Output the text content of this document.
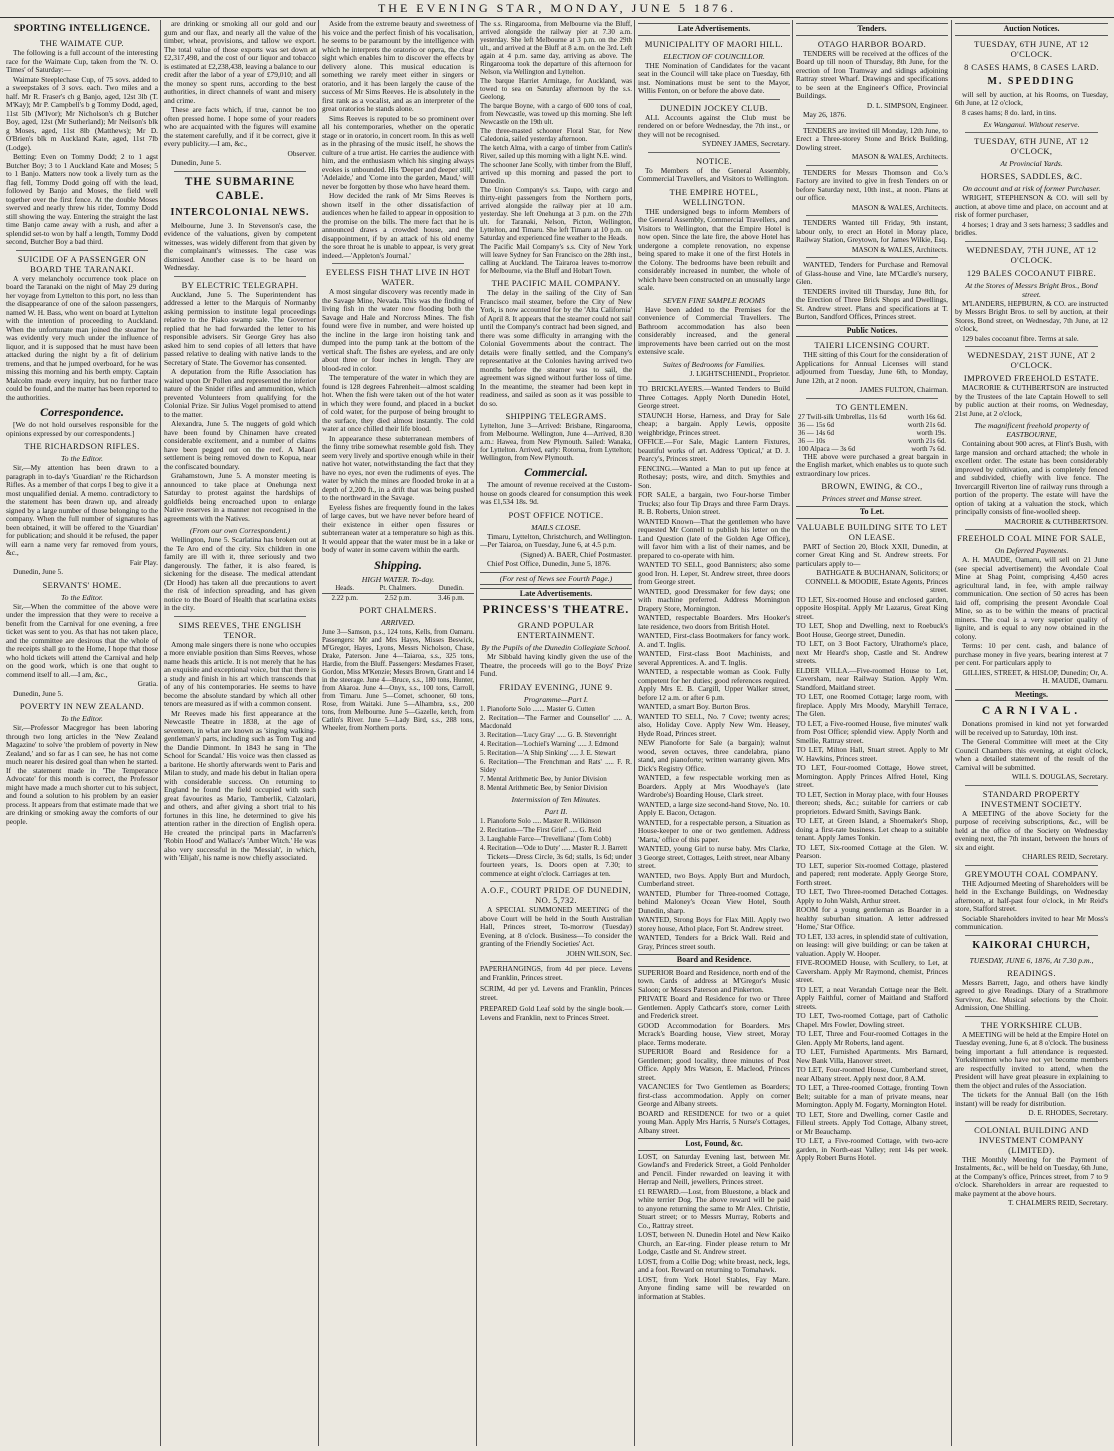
THE EVENING STAR, MONDAY, JUNE 5 1876.
SPORTING INTELLIGENCE.
THE WAIMATE CUP.

The following is a full account of the interesting race for the Waimate Cup, taken from the 'N. O. Times' of Saturday:—

Waimate Steeplechase Cup, of 75 sovs. added to a sweepstakes of 3 sovs. each. Two miles and a half. Mr R. Fraser's ch g Banjo, aged, 12st 3lb (T. M'Kay); Mr P. Campbell's b g Tommy Dodd, aged, 11st 5lb (M'Ivor); Mr Nicholson's ch g Butcher Boy, aged, 12st (Mr Sutherland); Mr Neilson's blk g Moses, aged, 11st 8lb (Matthews); Mr D. O'Brien's blk m Auckland Kate, aged, 11st 7lb (Lodge).

Betting: Even on Tommy Dodd; 2 to 1 agst Butcher Boy; 3 to 1 Auckland Kate and Moses; 5 to 1 Banjo. Matters now took a lively turn as the flag fell, Tommy Dodd going off with the lead, followed by Banjo and Moses, the field well together over the first fence. At the double Moses swerved and nearly threw his rider, Tommy Dodd still showing the way. Entering the straight the last time Banjo came away with a rush, and after a splendid set-to won by half a length, Tommy Dodd second, Butcher Boy a bad third.

SUICIDE OF A PASSENGER ON BOARD THE TARANAKI.

A very melancholy occurrence took place on board the Taranaki on the night of May 29 during her voyage from Lyttelton to this port, no less than the disappearance of one of the saloon passengers, named W. H. Bass, who went on board at Lyttelton with the intention of proceeding to Auckland. When the unfortunate man joined the steamer he was evidently very much under the influence of liquor, and it is supposed that he must have been attacked during the night by a fit of delirium tremens, and that he jumped overboard, for he was missing this morning and his berth empty. Captain Malcolm made every inquiry, but no further trace could be found, and the matter has been reported to the authorities.

Correspondence.

[We do not hold ourselves responsible for the opinions expressed by our correspondents.]

THE RICHARDSON RIFLES.
To the Editor.

Sir,—My attention has been drawn to a paragraph in to-day's 'Guardian' re the Richardson Rifles. As a member of that corps I beg to give it a most unqualified denial. A memo. contradictory to the statement has been drawn up, and already signed by a large number of those belonging to the company. When the full number of signatures has been obtained, it will be offered to the 'Guardian' for publication; and should it be refused, the paper will earn a name very far removed from yours, &c.,

Fair Play.

Dunedin, June 5.

SERVANTS' HOME.
To the Editor.

Sir,—When the committee of the above were under the impression that they were to receive a benefit from the Carnival for one evening, a free ticket was sent to you. As that has not taken place, and the committee are desirous that the whole of the receipts shall go to the Home, I hope that those who hold tickets will attend the Carnival and help on the good work, which is one that ought to commend itself to all.—I am, &c.,

Gratia.

Dunedin, June 5.

POVERTY IN NEW ZEALAND.
To the Editor.

Sir,—Professor Macgregor has been laboring through two long articles in the 'New Zealand Magazine' to solve 'the problem of poverty in New Zealand,' and so far as I can see, he has not come much nearer his desired goal than when he started. If the statement made in 'The Temperance Advocate' for this month is correct, the Professor might have made a much shorter cut to his subject, and found a solution to his problem by an easier process. It appears from that estimate made that we are drinking or smoking away the comforts of our people.

are drinking or smoking all our gold and our gum and our flax, and nearly all the value of the timber, wheat, provisions, and tallow we export. The total value of those exports was set down at £2,317,498, and the cost of our liquor and tobacco is estimated at £2,238,438, leaving a balance to our credit after the labor of a year of £79,010; and all the money so spent runs, according to the best authorities, in direct channels of want and misery and crime.

These are facts which, if true, cannot be too often pressed home. I hope some of your readers who are acquainted with the figures will examine the statement carefully, and if it be correct, give it every publicity.—I am, &c.,

Observer.

Dunedin, June 5.

THE SUBMARINE CABLE.
INTERCOLONIAL NEWS.

Melbourne, June 3. In Stevenson's case, the evidence of the valuations, given by competent witnesses, was widely different from that given by the complainant's witnesses. The case was dismissed. Another case is to be heard on Wednesday.

BY ELECTRIC TELEGRAPH.

Auckland, June 5. The Superintendent has addressed a letter to the Marquis of Normanby asking permission to institute legal proceedings relative to the Piako swamp sale. The Governor replied that he had forwarded the letter to his responsible advisers. Sir George Grey has also asked him to send copies of all letters that have passed relative to dealing with native lands to the Secretary of State. The Governor has consented.

A deputation from the Rifle Association has waited upon Dr Pollen and represented the inferior nature of the Snider rifles and ammunition, which prevented Volunteers from qualifying for the Colonial Prize. Sir Julius Vogel promised to attend to the matter.

Alexandra, June 5. The nuggets of gold which have been found by Chinamen have created considerable excitement, and a number of claims have been pegged out on the reef. A Maori settlement is being removed down to Kopua, near the confiscated boundary.

Grahamstown, June 5. A monster meeting is announced to take place at Onehunga next Saturday to protest against the hardships of goldfields being encroached upon to enlarge Native reserves in a manner not recognised in the agreements with the Natives.

(From our own Correspondent.)

Wellington, June 5. Scarlatina has broken out at the Te Aro end of the city. Six children in one family are ill with it, three seriously and two dangerously. The father, it is also feared, is sickening for the disease. The medical attendant (Dr Hood) has taken all due precautions to avert the risk of infection spreading, and has given notice to the Board of Health that scarlatina exists in the city.

SIMS REEVES, THE ENGLISH TENOR.

Among male singers there is none who occupies a more enviable position than Sims Reeves, whose name heads this article. It is not merely that he has an exquisite and exceptional voice, but that there is a study and finish in his art which transcends that of any of his contemporaries. He seems to have become the absolute standard by which all other tenors are measured as if with a common consent.

Mr Reeves made his first appearance at the Newcastle Theatre in 1838, at the age of seventeen, in what are known as 'singing walking-gentleman's' parts, including such as Tom Tug and the Dandie Dinmont. In 1843 he sang in 'The School for Scandal.' His voice was then classed as a baritone. He shortly afterwards went to Paris and Milan to study, and made his debut in Italian opera with considerable success. On returning to England he found the field occupied with such great favourites as Mario, Tamberlik, Calzolari, and others, and after giving a short trial to his fortunes in this line, he determined to give his attention rather in the direction of English opera. He created the principal parts in Macfarren's 'Robin Hood' and Wallace's 'Amber Witch.' He was also very successful in the 'Messiah', in which, with 'Elijah', his name is now chiefly associated.

Aside from the extreme beauty and sweetness of his voice and the perfect finish of his vocalisation, he seems to be paramount by the intelligence with which he interprets the oratorio or opera, the clear sight which enables him to discover the effects by delivery alone. This musical education is something we rarely meet either in singers or oratorio, and it has been largely the cause of the success of Mr Sims Reeves. He is absolutely in the first rank as a vocalist, and as an interpreter of the great oratorios he stands alone.

Sims Reeves is reputed to be so prominent over all his contemporaries, whether on the operatic stage or in oratorio, in concert room. In this as well as in the phrasing of the music itself, he shows the culture of a true artist. He carries the audience with him, and the enthusiasm which his singing always evokes is unbounded. His 'Deeper and deeper still,' 'Adelaide,' and 'Come into the garden, Maud,' will never be forgotten by those who have heard them.

How decided the rank of Mr Sims Reeves is shown itself in the other dissatisfaction of audiences when he failed to appear in opposition to the promise on the bills. The mere fact that he is announced draws a crowded house, and the disappointment, if by an attack of his old enemy the sore throat he is unable to appear, is very great indeed.—'Appleton's Journal.'

EYELESS FISH THAT LIVE IN HOT WATER.

A most singular discovery was recently made in the Savage Mine, Nevada. This was the finding of living fish in the water now flooding both the Savage and Hale and Norcross Mines. The fish found were five in number, and were hoisted up the incline in the large iron hoisting tank and dumped into the pump tank at the bottom of the vertical shaft. The fishes are eyeless, and are only about three or four inches in length. They are blood-red in color.

The temperature of the water in which they are found is 128 degrees Fahrenheit—almost scalding hot. When the fish were taken out of the hot water in which they were found, and placed in a bucket of cold water, for the purpose of being brought to the surface, they died almost instantly. The cold water at once chilled their life blood.

In appearance these subterranean members of the finny tribe somewhat resemble gold fish. They seem very lively and sportive enough while in their native hot water, notwithstanding the fact that they have no eyes, nor even the rudiments of eyes. The water by which the mines are flooded broke in at a depth of 2,200 ft., in a drift that was being pushed to the northward in the Savage.

Eyeless fishes are frequently found in the lakes of large caves, but we have never before heard of their existence in either open fissures or subterranean water at a temperature so high as this. It would appear that the water must be in a lake or body of water in some cavern within the earth.

Shipping.
HIGH WATER. To-day.
Heads.	Pt. Chalmers.	Dunedin.
2.22 p.m.	2.52 p.m.	3.46 p.m.
PORT CHALMERS.
ARRIVED.

June 3—Samson, p.s., 124 tons, Kells, from Oamaru. Passengers: Mr and Mrs Hayes, Misses Beswick, M'Gregor, Hayes, Lyons, Messrs Nicholson, Chase, Drake, Paterson. June 4—Taiaroa, s.s., 325 tons, Hardie, from the Bluff. Passengers: Mesdames Fraser, Gordon, Miss M'Kenzie; Messrs Brown, Grant and 14 in the steerage. June 4—Bruce, s.s., 180 tons, Hunter, from Akaroa. June 4—Onyx, s.s., 100 tons, Carroll, from Timaru. June 5—Comet, schooner, 60 tons, Rose, from Waitaki. June 5—Alhambra, s.s., 200 tons, from Melbourne. June 5—Gazelle, ketch, from Catlin's River. June 5—Lady Bird, s.s., 288 tons, Wheeler, from Northern ports.

The s.s. Ringarooma, from Melbourne via the Bluff, arrived alongside the railway pier at 7.30 a.m. yesterday. She left Melbourne at 3 p.m. on the 29th ult., and arrived at the Bluff at 8 a.m. on the 3rd. Left again at 4 p.m. same day, arriving as above. The Ringarooma took the departure of this afternoon for Nelson, via Wellington and Lyttelton.

The barque Harriet Armitage, for Auckland, was towed to sea on Saturday afternoon by the s.s. Geelong.

The barque Boyne, with a cargo of 600 tons of coal, from Newcastle, was towed up this morning. She left Newcastle on the 19th ult.

The three-masted schooner Floral Star, for New Caledonia, sailed yesterday afternoon.

The ketch Alma, with a cargo of timber from Catlin's River, sailed up this morning with a light N.E. wind.

The schooner Jane Scolly, with timber from the Bluff, arrived up this morning and passed the port to Dunedin.

The Union Company's s.s. Taupo, with cargo and thirty-eight passengers from the Northern ports, arrived alongside the railway pier at 10 a.m. yesterday. She left Onehunga at 3 p.m. on the 27th ult. for Taranaki, Nelson, Picton, Wellington, Lyttelton, and Timaru. She left Timaru at 10 p.m. on Saturday and experienced fine weather to the Heads.

The Pacific Mail Company's s.s. City of New York will leave Sydney for San Francisco on the 28th inst., calling at Auckland. The Tairaroa leaves to-morrow for Melbourne, via the Bluff and Hobart Town.

THE PACIFIC MAIL COMPANY.

The delay in the sailing of the City of San Francisco mail steamer, before the City of New York, is now accounted for by the 'Alta California' of April 8. It appears that the steamer could not sail until the Company's contract had been signed, and there was some difficulty in arranging with the Colonial Governments about the contract. The details were finally settled, and the Company's representative at the Colonies having arrived two months before the steamer was to sail, the agreement was signed without further loss of time. In the meantime, the steamer had been kept in readiness, and sailed as soon as it was possible to do so.

SHIPPING TELEGRAMS.

Lyttelton, June 3—Arrived: Brisbane, Ringarooma, from Melbourne. Wellington, June 4—Arrived, 8.30 a.m.: Hawea, from New Plymouth. Sailed: Wanaka, for Lyttelton. Arrived, early: Rotorua, from Lyttelton; Wellington, from New Plymouth.

Commercial.

The amount of revenue received at the Custom-house on goods cleared for consumption this week was £1,534 18s. 9d.

POST OFFICE NOTICE.
MAILS CLOSE.

Timaru, Lyttelton, Christchurch, and Wellington.—Per Taiaroa, on Tuesday, June 6, at 4.5 p.m.

(Signed) A. BAER, Chief Postmaster.

Chief Post Office, Dunedin, June 5, 1876.

(For rest of News see Fourth Page.)
Late Advertisements.
PRINCESS'S THEATRE.
GRAND POPULAR ENTERTAINMENT.
By the Pupils of the Dunedin Collegiate School.

Mr Sibbald having kindly given the use of the Theatre, the proceeds will go to the Boys' Prize Fund.

FRIDAY EVENING, JUNE 9.
Programme—Part I.

1. Pianoforte Solo ....... Master G. Cutten

2. Recitation—'The Farmer and Counsellor' ..... A. Macdonald

3. Recitation—'Lucy Gray' ..... G. B. Stevenright

4. Recitation—'Lochiel's Warning' ..... J. Edmond

5. Recitation—'A Ship Sinking' ..... J. E. Stewart

6. Recitation—'The Frenchman and Rats' ..... F. R. Sidey

7. Mental Arithmetic Bee, by Junior Division

8. Mental Arithmetic Bee, by Senior Division

Intermission of Ten Minutes.
Part II.

1. Pianoforte Solo ..... Master R. Wilkinson

2. Recitation—'The First Grief' ..... G. Reid

3. Laughable Farce—'Trevelliana' (Tom Cobb)

4. Recitation—'Ode to Duty' ..... Master R. J. Barrett

Tickets—Dress Circle, 3s 6d; stalls, 1s 6d; under fourteen years, 1s. Doors open at 7.30; to commence at eight o'clock. Carriages at ten.

A.O.F., COURT PRIDE OF DUNEDIN, NO. 5,732.

A SPECIAL SUMMONED MEETING of the above Court will be held in the South Australian Hall, Princes street, To-morrow (Tuesday) Evening, at 8 o'clock. Business—To consider the granting of the Friendly Societies' Act.

JOHN WILSON, Sec.

PAPERHANGINGS, from 4d per piece. Levens and Franklin, Princes street.

SCRIM, 4d per yd. Levens and Franklin, Princes street.

PREPARED Gold Leaf sold by the single book.—Levens and Franklin, next to Princes Street.

Late Advertisements.
MUNICIPALITY OF MAORI HILL.
ELECTION OF COUNCILLOR.

THE Nomination of Candidates for the vacant seat in the Council will take place on Tuesday, 6th inst. Nominations must be sent to the Mayor, Willis Fenton, on or before the above date.

DUNEDIN JOCKEY CLUB.

ALL Accounts against the Club must be rendered on or before Wednesday, the 7th inst., or they will not be recognised.

SYDNEY JAMES, Secretary.

NOTICE.

To Members of the General Assembly, Commercial Travellers, and Visitors to Wellington.

THE EMPIRE HOTEL, WELLINGTON.

THE undersigned begs to inform Members of the General Assembly, Commercial Travellers, and Visitors to Wellington, that the Empire Hotel is now open. Since the late fire, the above Hotel has undergone a complete renovation, no expense being spared to make it one of the first Hotels in the Colony. The bedrooms have been rebuilt and considerably increased in number, the whole of which have been constructed on an unusually large scale.

SEVEN FINE SAMPLE ROOMS

Have been added to the Premises for the convenience of Commercial Travellers. The Bathroom accommodation has also been considerably increased, and the general improvements have been carried out on the most extensive scale.

Suites of Bedrooms for Families.

J. LIGHTSCHIENDL, Proprietor.

TO BRICKLAYERS.—Wanted Tenders to Build Three Cottages. Apply North Dunedin Hotel, George street.

STAUNCH Horse, Harness, and Dray for Sale cheap; a bargain. Apply Lewis, opposite weighbridge, Princes street.

OFFICE.—For Sale, Magic Lantern Fixtures, beautiful works of art. Address 'Optical,' at D. J. Pearcy's, Princes street.

FENCING.—Wanted a Man to put up fence at Rothesay; posts, wire, and ditch. Smythies and Son.

FOR SALE, a bargain, two Four-horse Timber Trucks; also four Tip Drays and three Farm Drays. R. B. Roberts, Union street.

WANTED Known—That the gentlemen who have requested Mr Connell to publish his letter on the Land Question (late of the Golden Age Office), will favor him with a list of their names, and be prepared to co-operate with him.

WANTED TO SELL, good Bannisters; also some good Iron. H. Leper, St. Andrew street, three doors from George street.

WANTED, good Dressmaker for few days; one with machine preferred. Address Mornington Drapery Store, Mornington.

WANTED, respectable Boarders. Mrs Hooker's late residence, two doors from British Hotel.

WANTED, First-class Bootmakers for fancy work. A. and T. Inglis.

WANTED, First-class Boot Machinists, and several Apprentices. A. and T. Inglis.

WANTED, a respectable woman as Cook. Fully competent for her duties; good references required. Apply Mrs E. B. Cargill, Upper Walker street, before 12 a.m. or after 6 p.m.

WANTED, a smart Boy. Burton Bros.

WANTED TO SELL, No. 7 Cove; twenty acres; also, Holiday Cove. Apply New Wm. Heasey, Hyde Road, Princes street.

NEW Pianoforte for Sale (a bargain); walnut wood, seven octaves, three candelabra, piano stand, and pianoforte; written warranty given. Mrs Dick's Registry Office.

WANTED, a few respectable working men as Boarders. Apply at Mrs Woodhaye's (late Wardrobe's) Boarding House, Clark street.

WANTED, a large size second-hand Stove, No. 10. Apply E. Bacon, Octagon.

WANTED, for a respectable person, a Situation as House-keeper to one or two gentlemen. Address 'Marta,' office of this paper.

WANTED, young Girl to nurse baby. Mrs Clarke, 3 George street, Cottages, Leith street, near Albany street.

WANTED, two Boys. Apply Burt and Murdoch, Cumberland street.

WANTED, Plumber for Three-roomed Cottage, behind Maloney's Ocean View Hotel, South Dunedin, sharp.

WANTED, Strong Boys for Flax Mill. Apply two storey house, Athol place, Fort St. Andrew street.

WANTED, Tenders for a Brick Wall. Reid and Gray, Princes street south.

Board and Residence.

SUPERIOR Board and Residence, north end of the town. Cards of address at M'Gregor's Music Saloon; or Messrs Paterson and Pinkerton.

PRIVATE Board and Residence for two or Three Gentlemen. Apply Cathcart's store, corner Leith and Frederick street.

GOOD Accommodation for Boarders. Mrs Mcrack's Boarding house, View street, Moray place. Terms moderate.

SUPERIOR Board and Residence for a Gentlemen; good locality, three minutes of Post Office. Apply Mrs Watson, E. Macleod, Princes street.

VACANCIES for Two Gentlemen as Boarders; first-class accommodation. Apply on corner George and Albany streets.

BOARD and RESIDENCE for two or a quiet young Man. Apply Mrs Harris, 5 Nurse's Cottages, Albany street.

Lost, Found, &c.

LOST, on Saturday Evening last, between Mr. Gowland's and Frederick Street, a Gold Penholder and Pencil. Finder rewarded on leaving it with Herrap and Neill, jewellers, Princes street.

£1 REWARD.—Lost, from Bluestone, a black and white terrier Dog. The above reward will be paid to anyone returning the same to Mr Alex. Christie, Stuart street; or to Messrs Murray, Roberts and Co., Rattray street.

LOST, between N. Dunedin Hotel and New Kaiko Church, an Ear-ring. Finder please return to Mr Lodge, Castle and St. Andrew street.

LOST, from a Collie Dog; white breast, neck, legs, and a foot. Reward on returning to Tomahawk.

LOST, from York Hotel Stables, Fay Mare. Anyone finding same will be rewarded on information at Stables.

Tenders.
OTAGO HARBOR BOARD.

TENDERS will be received at the offices of the Board up till noon of Thursday, 8th June, for the erection of Iron Tramway and sidings adjoining Rattray street Wharf. Drawings and specifications to be seen at the Engineer's Office, Provincial Buildings.

D. L. SIMPSON, Engineer.

May 26, 1876.

TENDERS are invited till Monday, 12th June, to Erect a Three-storey Stone and Brick Building, Dowling street.

MASON & WALES, Architects.

TENDERS for Messrs Thomson and Co.'s Factory are invited to give in fresh Tenders on or before Saturday next, 10th inst., at noon. Plans at our office.

MASON & WALES, Architects.

TENDERS Wanted till Friday, 9th instant, labour only, to erect an Hotel in Moray place, Railway Station, Greytown, for James Wilkie, Esq.

MASON & WALES, Architects.

WANTED, Tenders for Purchase and Removal of Glass-house and Vine, late M'Cardle's nursery, Glen.

TENDERS invited till Thursday, June 8th, for the Erection of Three Brick Shops and Dwellings, St. Andrew street. Plans and specifications at T. Burton, Sandford Offices, Princes street.

Public Notices.
TAIERI LICENSING COURT.

THE sitting of this Court for the consideration of Applications for Annual Licenses will stand adjourned from Tuesday, June 6th, to Monday, June 12th, at 2 noon.

JAMES FULTON, Chairman.

TO GENTLEMEN.
27 Twill-silk Umbrellas, 11s 6d	worth 16s 6d.
36 — 15s 6d	worth 21s 6d.
36 — 14s 6d	worth 19s.
36 — 10s	worth 21s 6d.
100 Alpaca — 3s 6d	worth 7s 6d.

THE above were purchased a great bargain in the English market, which enables us to quote such extraordinary low prices.

BROWN, EWING, & CO.,
Princes street and Manse street.
To Let.
VALUABLE BUILDING SITE TO LET ON LEASE.

PART of Section 20, Block XXII, Dunedin, at corner Great King and St. Andrew streets. For particulars apply to—

BATHGATE & BUCHANAN, Solicitors; or CONNELL & MOODIE, Estate Agents, Princes street.

TO LET, Six-roomed House and enclosed garden, opposite Hospital. Apply Mr Lazarus, Great King street.

TO LET, Shop and Dwelling, next to Roebuck's Boot House, George street, Dunedin.

TO LET, on 3 Boot Factory, Ulrathorne's place, next Mr Heard's shop, Castle and St. Andrew streets.

ELDER VILLA.—Five-roomed House to Let, Caversham, near Railway Station. Apply Wm. Standford, Maitland street.

TO LET, one Roomed Cottage; large room, with fireplace. Apply Mrs Moody, Maryhill Terrace, The Glen.

TO LET, a Five-roomed House, five minutes' walk from Post Office; splendid view. Apply North and Smellie, Rattray street.

TO LET, Milton Hall, Stuart street. Apply to Mr W. Hawkins, Princes street.

TO LET, Four-roomed Cottage, Howe street, Mornington. Apply Princes Alfred Hotel, King street.

TO LET, Section in Moray place, with four Houses thereon; sheds, &c.; suitable for carriers or cab proprietors. Edward Smith, Savings Bank.

TO LET, at Green Island, a Shoemaker's Shop, doing a first-rate business. Let cheap to a suitable tenant. Apply James Tonkin.

TO LET, Six-roomed Cottage at the Glen. W. Pearson.

TO LET, superior Six-roomed Cottage, plastered and papered; rent moderate. Apply George Store, Forth street.

TO LET, Two Three-roomed Detached Cottages. Apply to John Walsh, Arthur street.

ROOM for a young gentleman as Boarder in a healthy suburban situation. A letter addressed 'Home,' Star Office.

TO LET, 133 acres, in splendid state of cultivation, on leasing: will give building; or can be taken at valuation. Apply W. Hooper.

FIVE-ROOMED House, with Scullery, to Let, at Caversham. Apply Mr Raymond, chemist, Princes street.

TO LET, a neat Verandah Cottage near the Belt. Apply Faithful, corner of Maitland and Stafford streets.

TO LET, Two-roomed Cottage, part of Catholic Chapel. Mrs Fowler, Dowling street.

TO LET, Three and Four-roomed Cottages in the Glen. Apply Mr Roberts, land agent.

TO LET, Furnished Apartments. Mrs Barnard, New Bank Villa, Hanover street.

TO LET, Four-roomed House, Cumberland street, near Albany street. Apply next door, 8 A.M.

TO LET, a Three-roomed Cottage, fronting Town Belt; suitable for a man of private means, near Mornington. Apply M. Fogarty, Mornington Hotel.

TO LET, Store and Dwelling, corner Castle and Filleul streets. Apply Tod Cottage, Albany street, or Mr Beauchamp.

TO LET, a Five-roomed Cottage, with two-acre garden, in North-east Valley; rent 14s per week. Apply Robert Burns Hotel.

Auction Notices.
TUESDAY, 6TH JUNE, AT 12 O'CLOCK.
8 CASES HAMS, 8 CASES LARD.
M. SPEDDING

will sell by auction, at his Rooms, on Tuesday, 6th June, at 12 o'clock,

8 cases hams; 8 do. lard, in tins.

Ex Wanganui. Without reserve.
TUESDAY, 6TH JUNE, AT 12 O'CLOCK,
At Provincial Yards.
HORSES, SADDLES, &C.
On account and at risk of former Purchaser.

WRIGHT, STEPHENSON & CO. will sell by auction, at above time and place, on account and at risk of former purchaser,

4 horses; 1 dray and 3 sets harness; 3 saddles and bridles.

WEDNESDAY, 7TH JUNE, AT 12 O'CLOCK.
129 BALES COCOANUT FIBRE.
At the Stores of Messrs Bright Bros., Bond street.

M'LANDERS, HEPBURN, & CO. are instructed by Messrs Bright Bros. to sell by auction, at their Stores, Bond street, on Wednesday, 7th June, at 12 o'clock,

129 bales cocoanut fibre. Terms at sale.

WEDNESDAY, 21ST JUNE, AT 2 O'CLOCK.
IMPROVED FREEHOLD ESTATE.

MACRORIE & CUTHBERTSON are instructed by the Trustees of the late Captain Howell to sell by public auction at their rooms, on Wednesday, 21st June, at 2 o'clock,

The magnificent freehold property of EASTBOURNE,

Containing about 900 acres, at Flint's Bush, with large mansion and orchard attached; the whole in excellent order. The estate has been considerably improved by cultivation, and is completely fenced and subdivided, chiefly with live fence. The Invercargill Riverton line of railway runs through a portion of the property. The estate will have the option of taking at a valuation the stock, which principally consists of fine-woolled sheep.

MACRORIE & CUTHBERTSON.

FREEHOLD COAL MINE FOR SALE,
On Deferred Payments.

A. H. MAUDE, Oamaru, will sell on 21 June (see special advertisement) the Avondale Coal Mine at Shag Point, comprising 4,450 acres agricultural land, in fee, with ample railway communication. One section of 50 acres has been laid off, comprising the present Avondale Coal Mine, so as to be within the means of practical miners. The coal is a very superior quality of lignite, and is equal to any now obtained in the colony.

Terms: 10 per cent. cash, and balance of purchase money in five years, bearing interest at 7 per cent. For particulars apply to

GILLIES, STREET, & HISLOP, Dunedin; Or, A. H. MAUDE, Oamaru.

Meetings.
CARNIVAL.

Donations promised in kind not yet forwarded will be received up to Saturday, 10th inst.

The General Committee will meet at the City Council Chambers this evening, at eight o'clock, when a detailed statement of the result of the Carnival will be submitted.

WILL S. DOUGLAS, Secretary.

STANDARD PROPERTY INVESTMENT SOCIETY.

A MEETING of the above Society for the purpose of receiving subscriptions, &c., will be held at the office of the Society on Wednesday evening next, the 7th instant, between the hours of six and eight.

CHARLES REID, Secretary.

GREYMOUTH COAL COMPANY.

THE Adjourned Meeting of Shareholders will be held in the Exchange Buildings, on Wednesday afternoon, at half-past four o'clock, in Mr Reid's store, Stafford street.

Sociable Shareholders invited to hear Mr Moss's communication.

KAIKORAI CHURCH,
TUESDAY, JUNE 6, 1876, At 7.30 p.m.,
READINGS.

Messrs Barrett, Jago, and others have kindly agreed to give Readings. Diary of a Strathmore Survivor, &c. Musical selections by the Choir. Admission, One Shilling.

THE YORKSHIRE CLUB.

A MEETING will be held at the Empire Hotel on Tuesday evening, June 6, at 8 o'clock. The business being important a full attendance is requested. Yorkshiremen who have not yet become members are respectfully invited to attend, when the President will have great pleasure in explaining to them the object and rules of the Association.

The tickets for the Annual Ball (on the 16th instant) will be ready for distribution.

D. E. RHODES, Secretary.

COLONIAL BUILDING AND INVESTMENT COMPANY (LIMITED).

THE Monthly Meeting for the Payment of Instalments, &c., will be held on Tuesday, 6th June, at the Company's office, Princes street, from 7 to 9 o'clock. Shareholders in arrear are requested to make payment at the above hours.

T. CHALMERS REID, Secretary.
